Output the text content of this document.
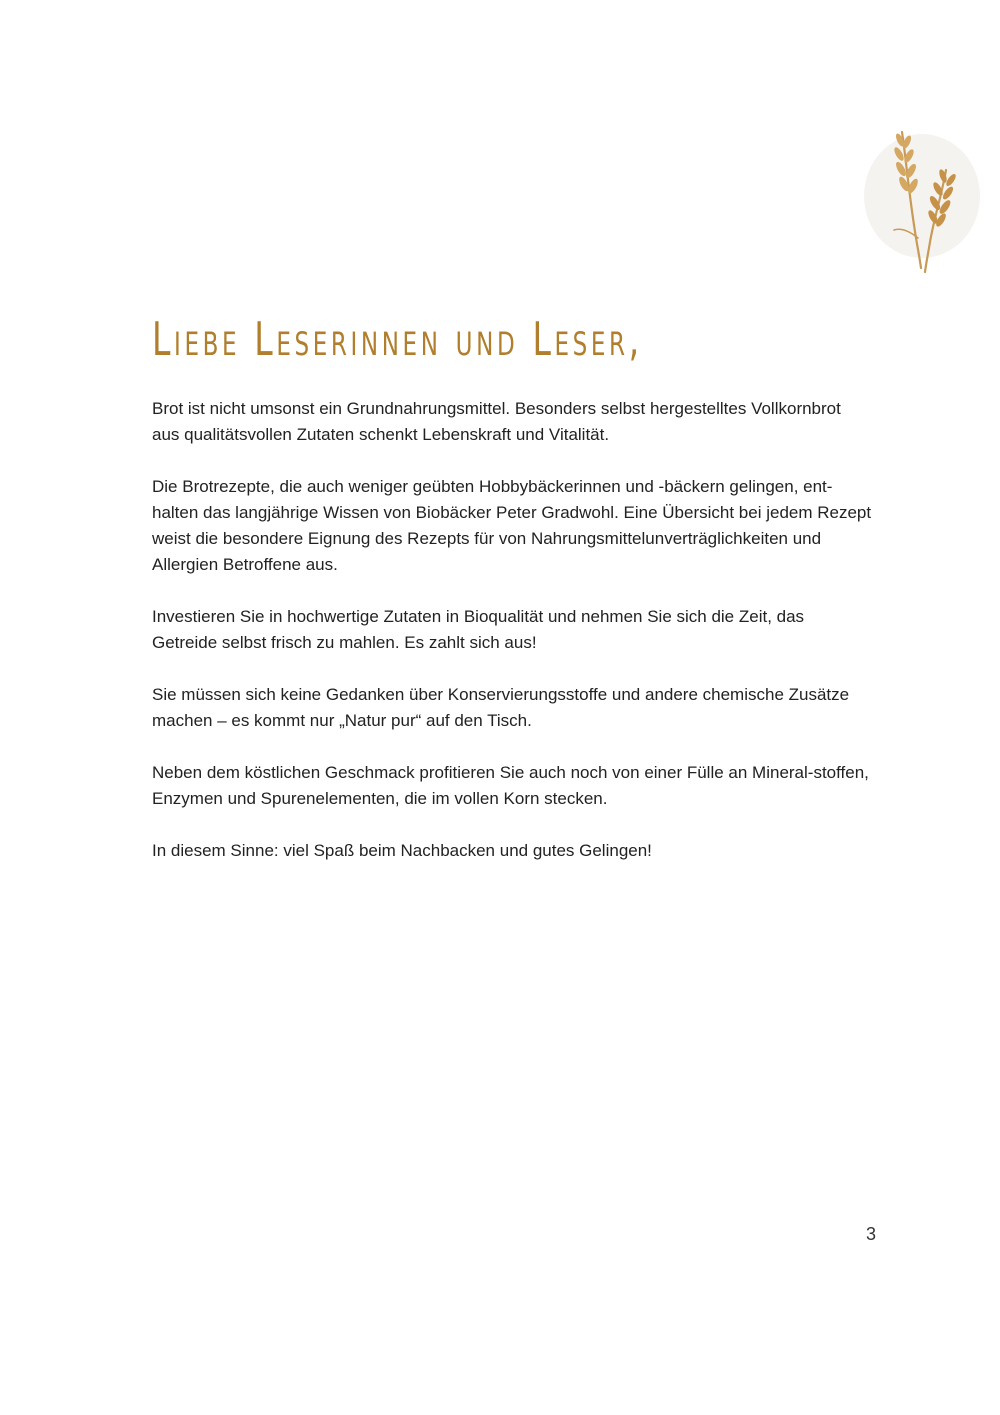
Liebe Leserinnen und Leser,

Brot ist nicht umsonst ein Grundnahrungsmittel. Besonders selbst hergestelltes Vollkornbrot aus qualitätsvollen Zutaten schenkt Lebenskraft und Vitalität.

Die Brotrezepte, die auch weniger geübten Hobbybäckerinnen und -bäckern gelingen, ent-halten das langjährige Wissen von Biobäcker Peter Gradwohl. Eine Übersicht bei jedem Rezept weist die besondere Eignung des Rezepts für von Nahrungsmittelunverträglichkeiten und Allergien Betroffene aus.

Investieren Sie in hochwertige Zutaten in Bioqualität und nehmen Sie sich die Zeit, das Getreide selbst frisch zu mahlen. Es zahlt sich aus!

Sie müssen sich keine Gedanken über Konservierungsstoffe und andere chemische Zusätze machen – es kommt nur „Natur pur“ auf den Tisch.

Neben dem köstlichen Geschmack profitieren Sie auch noch von einer Fülle an Mineral-stoffen, Enzymen und Spurenelementen, die im vollen Korn stecken.

In diesem Sinne: viel Spaß beim Nachbacken und gutes Gelingen!

3
